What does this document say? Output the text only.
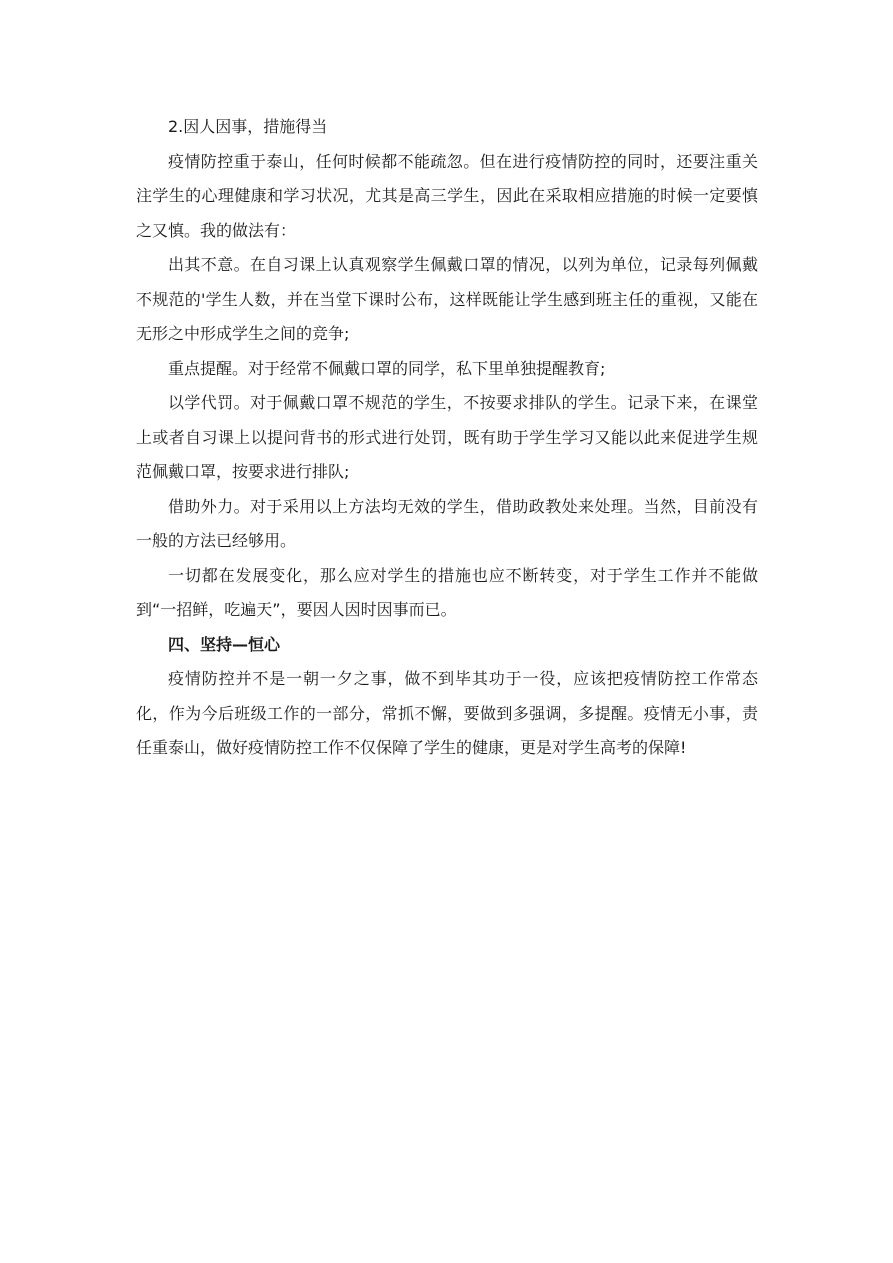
2.因人因事，措施得当

疫情防控重于泰山，任何时候都不能疏忽。但在进行疫情防控的同时，还要注重关注学生的心理健康和学习状况，尤其是高三学生，因此在采取相应措施的时候一定要慎之又慎。我的做法有：

出其不意。在自习课上认真观察学生佩戴口罩的情况，以列为单位，记录每列佩戴不规范的'学生人数，并在当堂下课时公布，这样既能让学生感到班主任的重视，又能在无形之中形成学生之间的竞争;

重点提醒。对于经常不佩戴口罩的同学，私下里单独提醒教育;

以学代罚。对于佩戴口罩不规范的学生，不按要求排队的学生。记录下来，在课堂上或者自习课上以提问背书的形式进行处罚，既有助于学生学习又能以此来促进学生规范佩戴口罩，按要求进行排队;

借助外力。对于采用以上方法均无效的学生，借助政教处来处理。当然，目前没有一般的方法已经够用。

一切都在发展变化，那么应对学生的措施也应不断转变，对于学生工作并不能做到“一招鲜，吃遍天”，要因人因时因事而已。

四、坚持—恒心

疫情防控并不是一朝一夕之事，做不到毕其功于一役，应该把疫情防控工作常态化，作为今后班级工作的一部分，常抓不懈，要做到多强调，多提醒。疫情无小事，责任重泰山，做好疫情防控工作不仅保障了学生的健康，更是对学生高考的保障!
